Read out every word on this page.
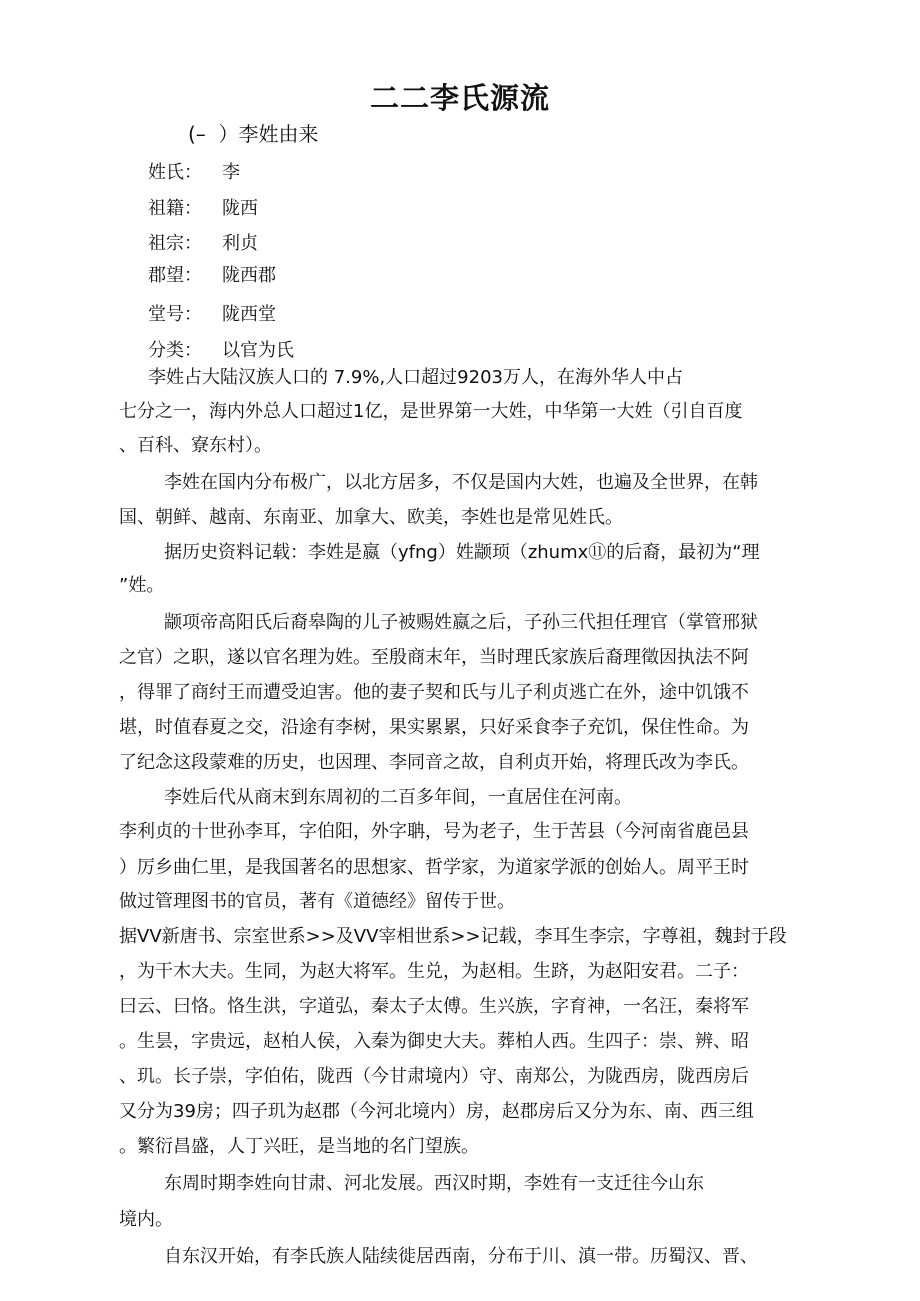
二二李氏源流
(–  ）李姓由来
姓氏： 李
祖籍： 陇西
祖宗： 利贞
郡望： 陇西郡
堂号： 陇西堂
分类： 以官为氏
李姓占大陆汉族人口的 7.9%,人口超过9203万人，在海外华人中占
七分之一，海内外总人口超过1亿，是世界第一大姓，中华第一大姓（引自百度
、百科、寮东村）。
李姓在国内分布极广，以北方居多，不仅是国内大姓，也遍及全世界，在韩
国、朝鲜、越南、东南亚、加拿大、欧美，李姓也是常见姓氏。
据历史资料记载：李姓是嬴（yfng）姓颛顼（zhumx⑪的后裔，最初为“理
”姓。
颛项帝高阳氏后裔皋陶的儿子被赐姓嬴之后，子孙三代担任理官（掌管邢狱
之官）之职，遂以官名理为姓。至殷商末年，当时理氏家族后裔理徵因执法不阿
，得罪了商纣王而遭受迫害。他的妻子契和氏与儿子利贞逃亡在外，途中饥饿不
堪，时值春夏之交，沿途有李树，果实累累，只好采食李子充饥，保住性命。为
了纪念这段蒙难的历史，也因理、李同音之故，自利贞开始，将理氏改为李氏。
李姓后代从商末到东周初的二百多年间，一直居住在河南。
李利贞的十世孙李耳，字伯阳，外字聃，号为老子，生于苦县（今河南省鹿邑县
）厉乡曲仁里，是我国著名的思想家、哲学家，为道家学派的创始人。周平王时
做过管理图书的官员，著有《道德经》留传于世。
据VV新唐书、宗室世系>>及VV宰相世系>>记载，李耳生李宗，字尊祖，魏封于段
，为干木大夫。生同，为赵大将军。生兑，为赵相。生跻，为赵阳安君。二子：
曰云、曰恪。恪生洪，字道弘，秦太子太傅。生兴族，字育神，一名汪，秦将军
。生昙，字贵远，赵柏人侯，入秦为御史大夫。葬柏人西。生四子：崇、辨、昭
、玑。长子崇，字伯佑，陇西（今甘肃境内）守、南郑公，为陇西房，陇西房后
又分为39房；四子玑为赵郡（今河北境内）房，赵郡房后又分为东、南、西三组
。繁衍昌盛，人丁兴旺，是当地的名门望族。
东周时期李姓向甘肃、河北发展。西汉时期，李姓有一支迁往今山东
境内。
自东汉开始，有李氏族人陆续徙居西南，分布于川、滇一带。历蜀汉、晋、
